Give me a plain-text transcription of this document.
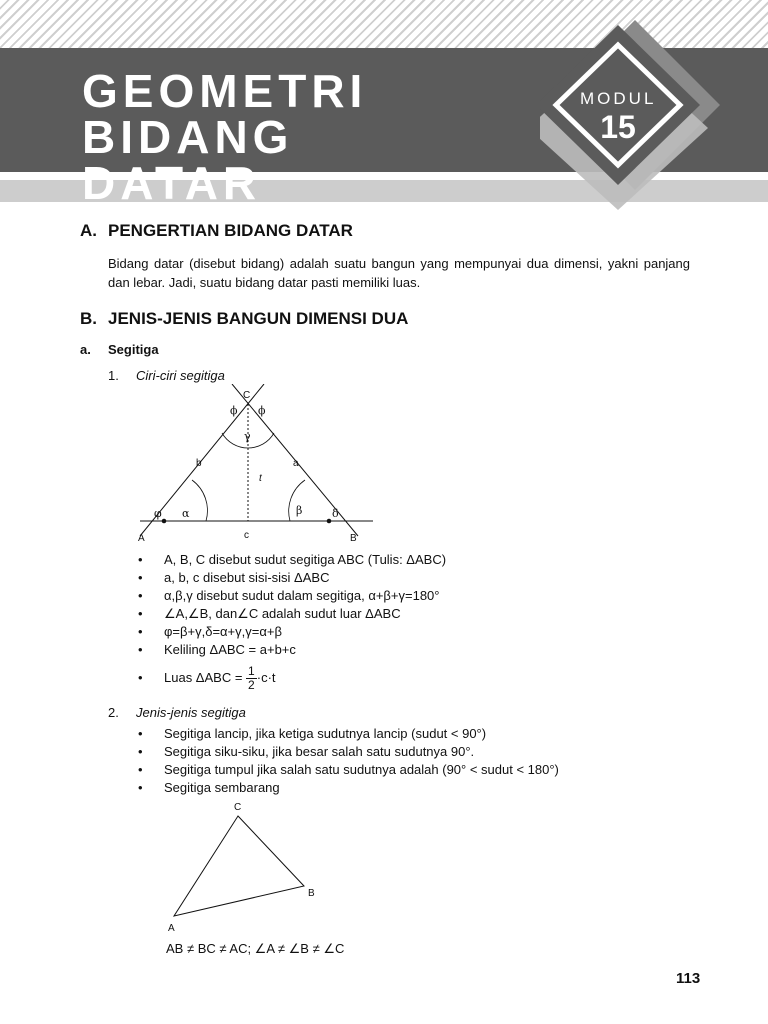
GEOMETRI BIDANG
DATAR
MODUL
15
A. PENGERTIAN BIDANG DATAR
Bidang datar (disebut bidang) adalah suatu bangun yang mempunyai dua dimensi, yakni panjang dan lebar. Jadi, suatu bidang datar pasti memiliki luas.
B. JENIS-JENIS BANGUN DIMENSI DUA
a. Segitiga
1. Ciri-ciri segitiga
C
ϕ ϕ
γ
b	a
t
φ α	β	δ
A	c	B
• A, B, C disebut sudut segitiga ABC (Tulis: ΔABC)
• a, b, c disebut sisi-sisi ΔABC
• α,β,γ disebut sudut dalam segitiga, α+β+γ=180°
• ∠A,∠B, dan∠C adalah sudut luar ΔABC
• φ=β+γ,δ=α+γ,γ=α+β
• Keliling ΔABC = a+b+c
• Luas $\Delta ABC = \frac{1}{2} \cdot c\cdot t$
2. Jenis-jenis segitiga
• Segitiga lancip, jika ketiga sudutnya lancip (sudut < 90°)
• Segitiga siku-siku, jika besar salah satu sudutnya 90°.
• Segitiga tumpul jika salah satu sudutnya adalah (90° < sudut < 180°)
• Segitiga sembarang
C
B
A
AB ≠ BC ≠ AC; ∠A ≠ ∠B ≠ ∠C
113
